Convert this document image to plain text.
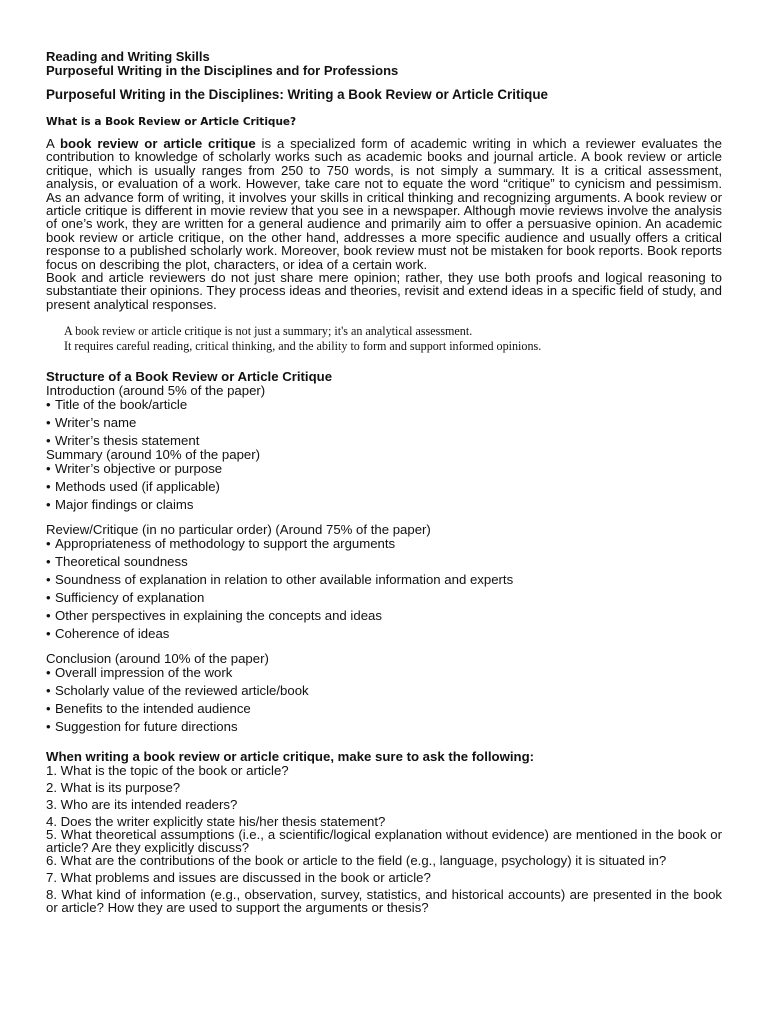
Reading and Writing Skills

Purposeful Writing in the Disciplines and for Professions

Purposeful Writing in the Disciplines: Writing a Book Review or Article Critique

What is a Book Review or Article Critique?

A book review or article critique is a specialized form of academic writing in which a reviewer evaluates the contribution to knowledge of scholarly works such as academic books and journal article. A book review or article critique, which is usually ranges from 250 to 750 words, is not simply a summary. It is a critical assessment, analysis, or evaluation of a work. However, take care not to equate the word “critique” to cynicism and pessimism. As an advance form of writing, it involves your skills in critical thinking and recognizing arguments. A book review or article critique is different in movie review that you see in a newspaper. Although movie reviews involve the analysis of one’s work, they are written for a general audience and primarily aim to offer a persuasive opinion. An academic book review or article critique, on the other hand, addresses a more specific audience and usually offers a critical response to a published scholarly work. Moreover, book review must not be mistaken for book reports. Book reports focus on describing the plot, characters, or idea of a certain work.

Book and article reviewers do not just share mere opinion; rather, they use both proofs and logical reasoning to substantiate their opinions. They process ideas and theories, revisit and extend ideas in a specific field of study, and present analytical responses.

A book review or article critique is not just a summary; it's an analytical assessment.
It requires careful reading, critical thinking, and the ability to form and support informed opinions.
Structure of a Book Review or Article Critique

Introduction (around 5% of the paper)

• Title of the book/article
• Writer’s name
• Writer’s thesis statement

Summary (around 10% of the paper)

• Writer’s objective or purpose
• Methods used (if applicable)
• Major findings or claims

Review/Critique (in no particular order) (Around 75% of the paper)

• Appropriateness of methodology to support the arguments
• Theoretical soundness
• Soundness of explanation in relation to other available information and experts
• Sufficiency of explanation
• Other perspectives in explaining the concepts and ideas
• Coherence of ideas

Conclusion (around 10% of the paper)

• Overall impression of the work
• Scholarly value of the reviewed article/book
• Benefits to the intended audience
• Suggestion for future directions
When writing a book review or article critique, make sure to ask the following:
1. What is the topic of the book or article?
2. What is its purpose?
3. Who are its intended readers?
4. Does the writer explicitly state his/her thesis statement?
5. What theoretical assumptions (i.e., a scientific/logical explanation without evidence) are mentioned in the book or article? Are they explicitly discuss?
6. What are the contributions of the book or article to the field (e.g., language, psychology) it is situated in?
7. What problems and issues are discussed in the book or article?
8. What kind of information (e.g., observation, survey, statistics, and historical accounts) are presented in the book or article? How they are used to support the arguments or thesis?
